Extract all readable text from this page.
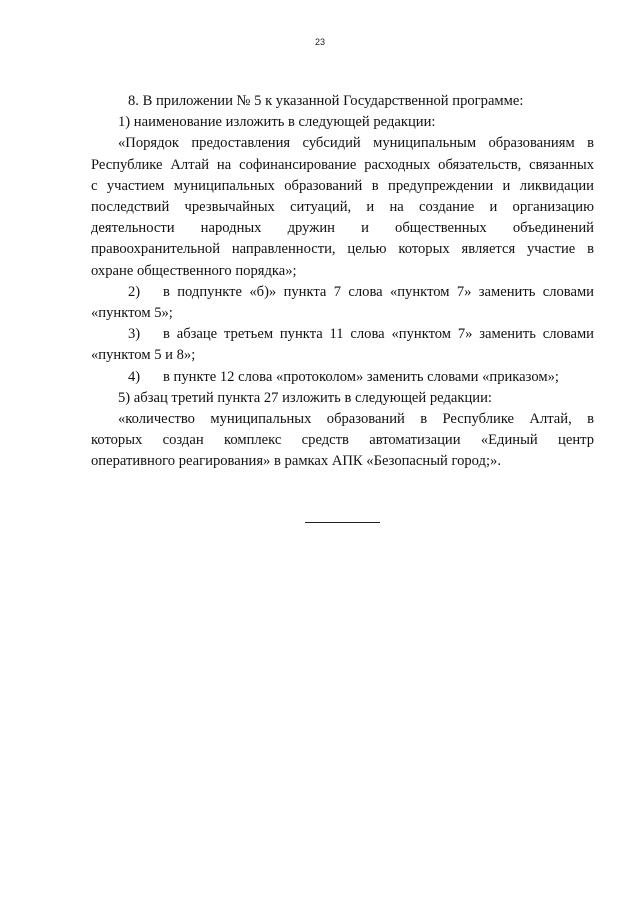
23

8. В приложении № 5 к указанной Государственной программе:

1) наименование изложить в следующей редакции:

«Порядок предоставления субсидий муниципальным образованиям в

Республике Алтай на софинансирование расходных обязательств, связанных

с участием муниципальных образований в предупреждении и ликвидации

последствий чрезвычайных ситуаций, и на создание и организацию

деятельности народных дружин и общественных объединений

правоохранительной направленности, целью которых является участие в

охране общественного порядка»;

2) в подпункте «б)» пункта 7 слова «пунктом 7» заменить словами

«пунктом 5»;

3) в абзаце третьем пункта 11 слова «пунктом 7» заменить словами

«пунктом 5 и 8»;

4) в пункте 12 слова «протоколом» заменить словами «приказом»;

5) абзац третий пункта 27 изложить в следующей редакции:

«количество муниципальных образований в Республике Алтай, в

которых создан комплекс средств автоматизации «Единый центр

оперативного реагирования» в рамках АПК «Безопасный город;».
